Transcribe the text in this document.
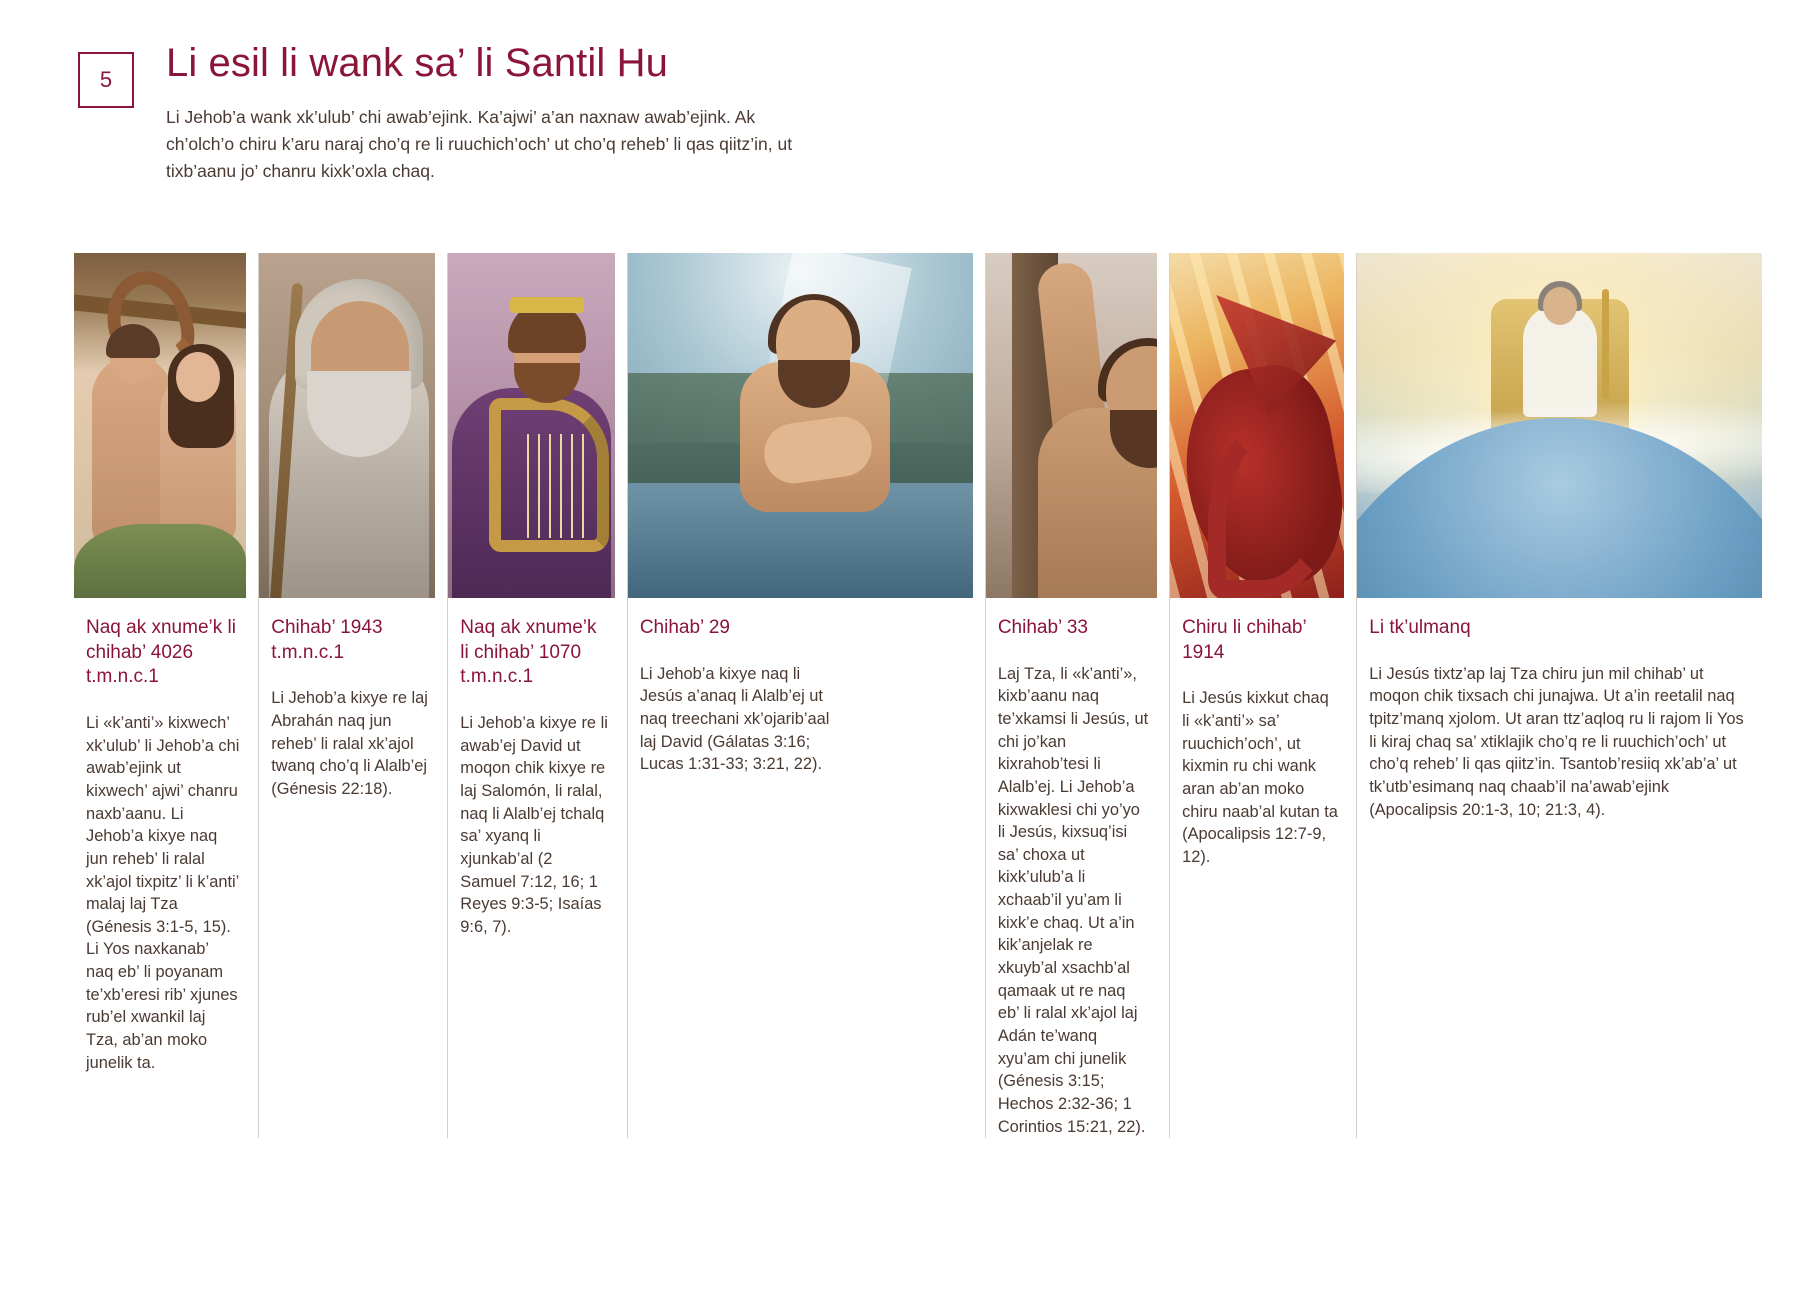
5 Li esil li wank sa’ li Santil Hu

Li Jehob’a wank xk’ulub’ chi awab’ejink. Ka’ajwi’ a’an naxnaw awab’ejink. Ak ch’olch’o chiru k’aru naraj cho’q re li ruuchich’och’ ut cho’q reheb’ li qas qiitz’in, ut tixb’aanu jo’ chanru kixk’oxla chaq.

Naq ak xnume’k li chihab’ 4026 t.m.n.c.1

Li «k’anti’» kixwech’ xk’ulub’ li Jehob’a chi awab’ejink ut kixwech’ ajwi’ chanru naxb’aanu. Li Jehob’a kixye naq jun reheb’ li ralal xk’ajol tixpitz’ li k’anti’ malaj laj Tza (Génesis 3:1-5, 15). Li Yos naxkanab’ naq eb’ li poyanam te’xb’eresi rib’ xjunes rub’el xwankil laj Tza, ab’an moko junelik ta.

Chihab’ 1943 t.m.n.c.1

Li Jehob’a kixye re laj Abrahán naq jun reheb’ li ralal xk’ajol twanq cho’q li Alalb’ej (Génesis 22:18).

Naq ak xnume’k li chihab’ 1070 t.m.n.c.1

Li Jehob’a kixye re li awab’ej David ut moqon chik kixye re laj Salomón, li ralal, naq li Alalb’ej tchalq sa’ xyanq li xjunkab’al (2 Samuel 7:12, 16; 1 Reyes 9:3-5; Isaías 9:6, 7).

Chihab’ 29

Li Jehob’a kixye naq li Jesús a’anaq li Alalb’ej ut naq treechani xk’ojarib’aal laj David (Gálatas 3:16; Lucas 1:31-33; 3:21, 22).

Chihab’ 33

Laj Tza, li «k’anti’», kixb’aanu naq te’xkamsi li Jesús, ut chi jo’kan kixrahob’tesi li Alalb’ej. Li Jehob’a kixwaklesi chi yo’yo li Jesús, kixsuq’isi sa’ choxa ut kixk’ulub’a li xchaab’il yu’am li kixk’e chaq. Ut a’in kik’anjelak re xkuyb’al xsachb’al qamaak ut re naq eb’ li ralal xk’ajol laj Adán te’wanq xyu’am chi junelik (Génesis 3:15; Hechos 2:32-36; 1 Corintios 15:21, 22).

Chiru li chihab’ 1914

Li Jesús kixkut chaq li «k’anti’» sa’ ruuchich’och’, ut kixmin ru chi wank aran ab’an moko chiru naab’al kutan ta (Apocalipsis 12:7-9, 12).

Li tk’ulmanq

Li Jesús tixtz’ap laj Tza chiru jun mil chihab’ ut moqon chik tixsach chi junajwa. Ut a’in reetalil naq tpitz’manq xjolom. Ut aran ttz’aqloq ru li rajom li Yos li kiraj chaq sa’ xtiklajik cho’q re li ruuchich’och’ ut cho’q reheb’ li qas qiitz’in. Tsantob’resiiq xk’ab’a’ ut tk’utb’esimanq naq chaab’il na’awab’ejink (Apocalipsis 20:1-3, 10; 21:3, 4).
